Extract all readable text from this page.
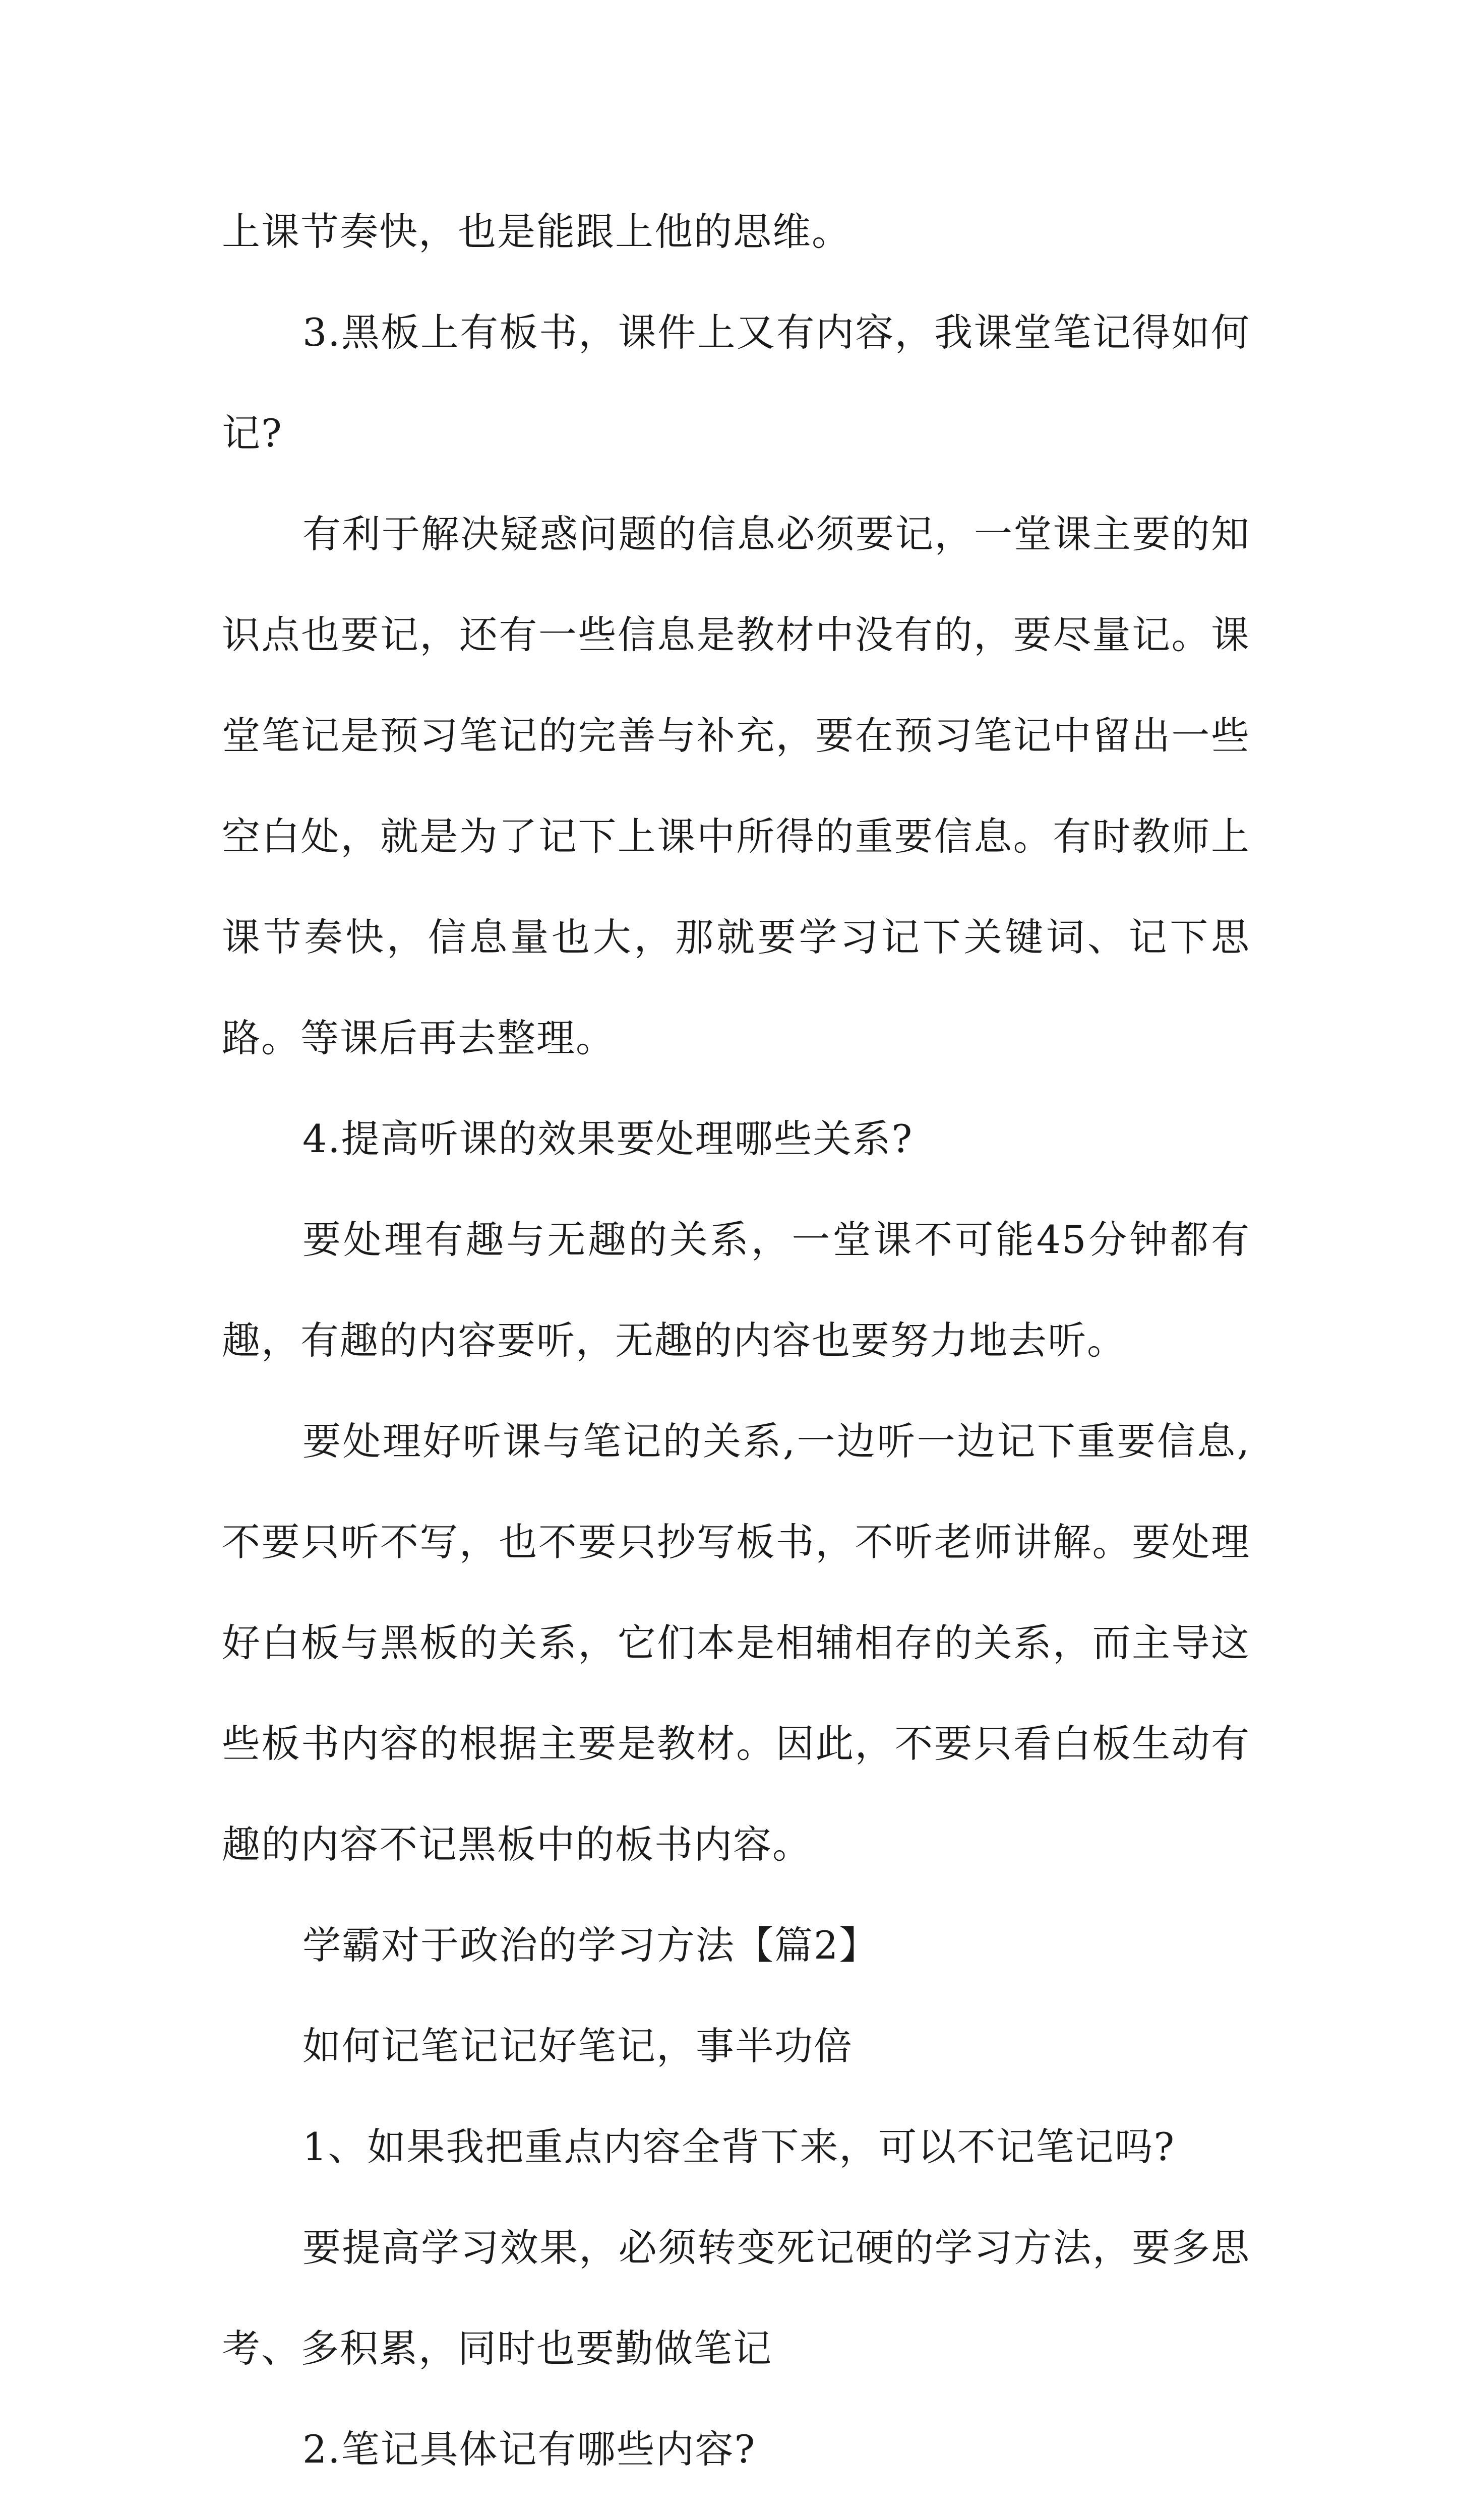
上课节奏快，也是能跟上他的思维。

3.黑板上有板书，课件上又有内容，我课堂笔记得如何记?

有利于解决疑惑问题的信息必须要记，一堂课主要的知识点也要记，还有一些信息是教材中没有的，要尽量记。课堂笔记是预习笔记的完善与补充，要在预习笔记中留出一些空白处，就是为了记下上课中所得的重要信息。有时教师上课节奏快，信息量也大，那就要学习记下关键词、记下思路。等课后再去整理。

4.提高听课的效果要处理哪些关系?

要处理有趣与无趣的关系，一堂课不可能45分钟都有趣，有趣的内容要听，无趣的内容也要努力地去听。

要处理好听课与笔记的关系,一边听一边记下重要信息,不要只听不写，也不要只抄写板书，不听老师讲解。要处理好白板与黑板的关系，它们本是相辅相存的关系，而主导这些板书内容的根据主要是教材。因此，不要只看白板生动有趣的内容不记黑板中的板书内容。

学霸对于政治的学习方法【篇2】

如何记笔记记好笔记，事半功倍

1、如果我把重点内容全背下来，可以不记笔记吗?

要提高学习效果，必须转变死记硬的学习方法，要多思考、多积累，同时也要勤做笔记

2.笔记具体记有哪些内容?
